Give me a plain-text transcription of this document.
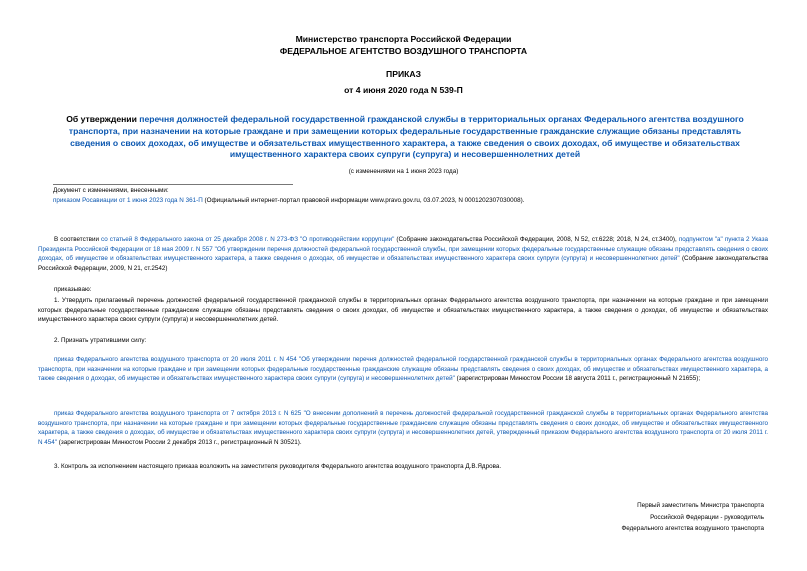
Министерство транспорта Российской Федерации
ФЕДЕРАЛЬНОЕ АГЕНТСТВО ВОЗДУШНОГО ТРАНСПОРТА
ПРИКАЗ
от 4 июня 2020 года N 539-П
Об утверждении перечня должностей федеральной государственной гражданской службы в территориальных органах Федерального агентства воздушного транспорта, при назначении на которые граждане и при замещении которых федеральные государственные гражданские служащие обязаны представлять сведения о своих доходах, об имуществе и обязательствах имущественного характера, а также сведения о своих доходах, об имуществе и обязательствах имущественного характера своих супруги (супруга) и несовершеннолетних детей
(с изменениями на 1 июня 2023 года)
Документ с изменениями, внесенными:
приказом Росавиации от 1 июня 2023 года N 361-П (Официальный интернет-портал правовой информации www.pravo.gov.ru, 03.07.2023, N 0001202307030008).
В соответствии со статьей 8 Федерального закона от 25 декабря 2008 г. N 273-ФЗ "О противодействии коррупции" (Собрание законодательства Российской Федерации, 2008, N 52, ст.6228; 2018, N 24, ст.3400), подпунктом "а" пункта 2 Указа Президента Российской Федерации от 18 мая 2009 г. N 557 "Об утверждении перечня должностей федеральной государственной службы, при замещении которых федеральные государственные служащие обязаны представлять сведения о своих доходах, об имуществе и обязательствах имущественного характера, а также сведения о доходах, об имуществе и обязательствах имущественного характера своих супруги (супруга) и несовершеннолетних детей" (Собрание законодательства Российской Федерации, 2009, N 21, ст.2542)
приказываю:
1. Утвердить прилагаемый перечень должностей федеральной государственной гражданской службы в территориальных органах Федерального агентства воздушного транспорта, при назначении на которые граждане и при замещении которых федеральные государственные гражданские служащие обязаны представлять сведения о своих доходах, об имуществе и обязательствах имущественного характера, а также сведения о доходах, об имуществе и обязательствах имущественного характера своих супруги (супруга) и несовершеннолетних детей.
2. Признать утратившими силу:
приказ Федерального агентства воздушного транспорта от 20 июля 2011 г. N 454 "Об утверждении перечня должностей федеральной государственной гражданской службы в территориальных органах Федерального агентства воздушного транспорта, при назначении на которые граждане и при замещении которых федеральные государственные гражданские служащие обязаны представлять сведения о своих доходах, об имуществе и обязательствах имущественного характера, а также сведения о доходах, об имуществе и обязательствах имущественного характера своих супруги (супруга) и несовершеннолетних детей" (зарегистрирован Минюстом России 18 августа 2011 г., регистрационный N 21655);
приказ Федерального агентства воздушного транспорта от 7 октября 2013 г. N 625 "О внесении дополнений в перечень должностей федеральной государственной гражданской службы в территориальных органах Федерального агентства воздушного транспорта, при назначении на которые граждане и при замещении которых федеральные государственные гражданские служащие обязаны представлять сведения о своих доходах, об имуществе и обязательствах имущественного характера, а также сведения о доходах, об имуществе и обязательствах имущественного характера своих супруги (супруга) и несовершеннолетних детей, утвержденный приказом Федерального агентства воздушного транспорта от 20 июля 2011 г. N 454" (зарегистрирован Минюстом России 2 декабря 2013 г., регистрационный N 30521).
3. Контроль за исполнением настоящего приказа возложить на заместителя руководителя Федерального агентства воздушного транспорта Д.В.Ядрова.
Первый заместитель Министра транспорта
Российской Федерации - руководитель
Федерального агентства воздушного транспорта
